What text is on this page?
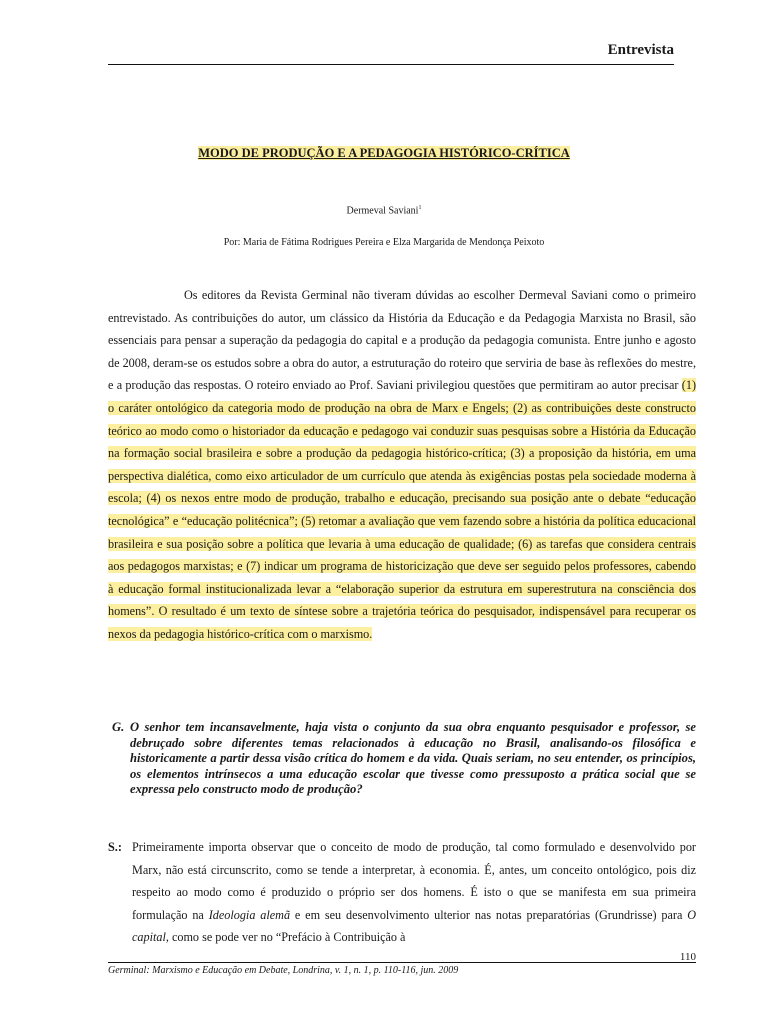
Entrevista
MODO DE PRODUÇÃO E A PEDAGOGIA HISTÓRICO-CRÍTICA
Dermeval Saviani$^1$
Por: Maria de Fátima Rodrigues Pereira e Elza Margarida de Mendonça Peixoto

Os editores da Revista Germinal não tiveram dúvidas ao escolher Dermeval Saviani como o primeiro entrevistado. As contribuições do autor, um clássico da História da Educação e da Pedagogia Marxista no Brasil, são essenciais para pensar a superação da pedagogia do capital e a produção da pedagogia comunista. Entre junho e agosto de 2008, deram-se os estudos sobre a obra do autor, a estruturação do roteiro que serviria de base às reflexões do mestre, e a produção das respostas. O roteiro enviado ao Prof. Saviani privilegiou questões que permitiram ao autor precisar (1) o caráter ontológico da categoria modo de produção na obra de Marx e Engels; (2) as contribuições deste constructo teórico ao modo como o historiador da educação e pedagogo vai conduzir suas pesquisas sobre a História da Educação na formação social brasileira e sobre a produção da pedagogia histórico-crítica; (3) a proposição da história, em uma perspectiva dialética, como eixo articulador de um currículo que atenda às exigências postas pela sociedade moderna à escola; (4) os nexos entre modo de produção, trabalho e educação, precisando sua posição ante o debate “educação tecnológica” e “educação politécnica”; (5) retomar a avaliação que vem fazendo sobre a história da política educacional brasileira e sua posição sobre a política que levaria à uma educação de qualidade; (6) as tarefas que considera centrais aos pedagogos marxistas; e (7) indicar um programa de historicização que deve ser seguido pelos professores, cabendo à educação formal institucionalizada levar a “elaboração superior da estrutura em superestrutura na consciência dos homens”. O resultado é um texto de síntese sobre a trajetória teórica do pesquisador, indispensável para recuperar os nexos da pedagogia histórico-crítica com o marxismo.

G. O senhor tem incansavelmente, haja vista o conjunto da sua obra enquanto pesquisador e professor, se debruçado sobre diferentes temas relacionados à educação no Brasil, analisando-os filosófica e historicamente a partir dessa visão crítica do homem e da vida. Quais seriam, no seu entender, os princípios, os elementos intrínsecos a uma educação escolar que tivesse como pressuposto a prática social que se expressa pelo constructo modo de produção?
S.: Primeiramente importa observar que o conceito de modo de produção, tal como formulado e desenvolvido por Marx, não está circunscrito, como se tende a interpretar, à economia. É, antes, um conceito ontológico, pois diz respeito ao modo como é produzido o próprio ser dos homens. É isto o que se manifesta em sua primeira formulação na Ideologia alemã e em seu desenvolvimento ulterior nas notas preparatórias (Grundrisse) para O capital, como se pode ver no “Prefácio à Contribuição à
Germinal: Marxismo e Educação em Debate, Londrina, v. 1, n. 1, p. 110-116, jun. 2009
110
